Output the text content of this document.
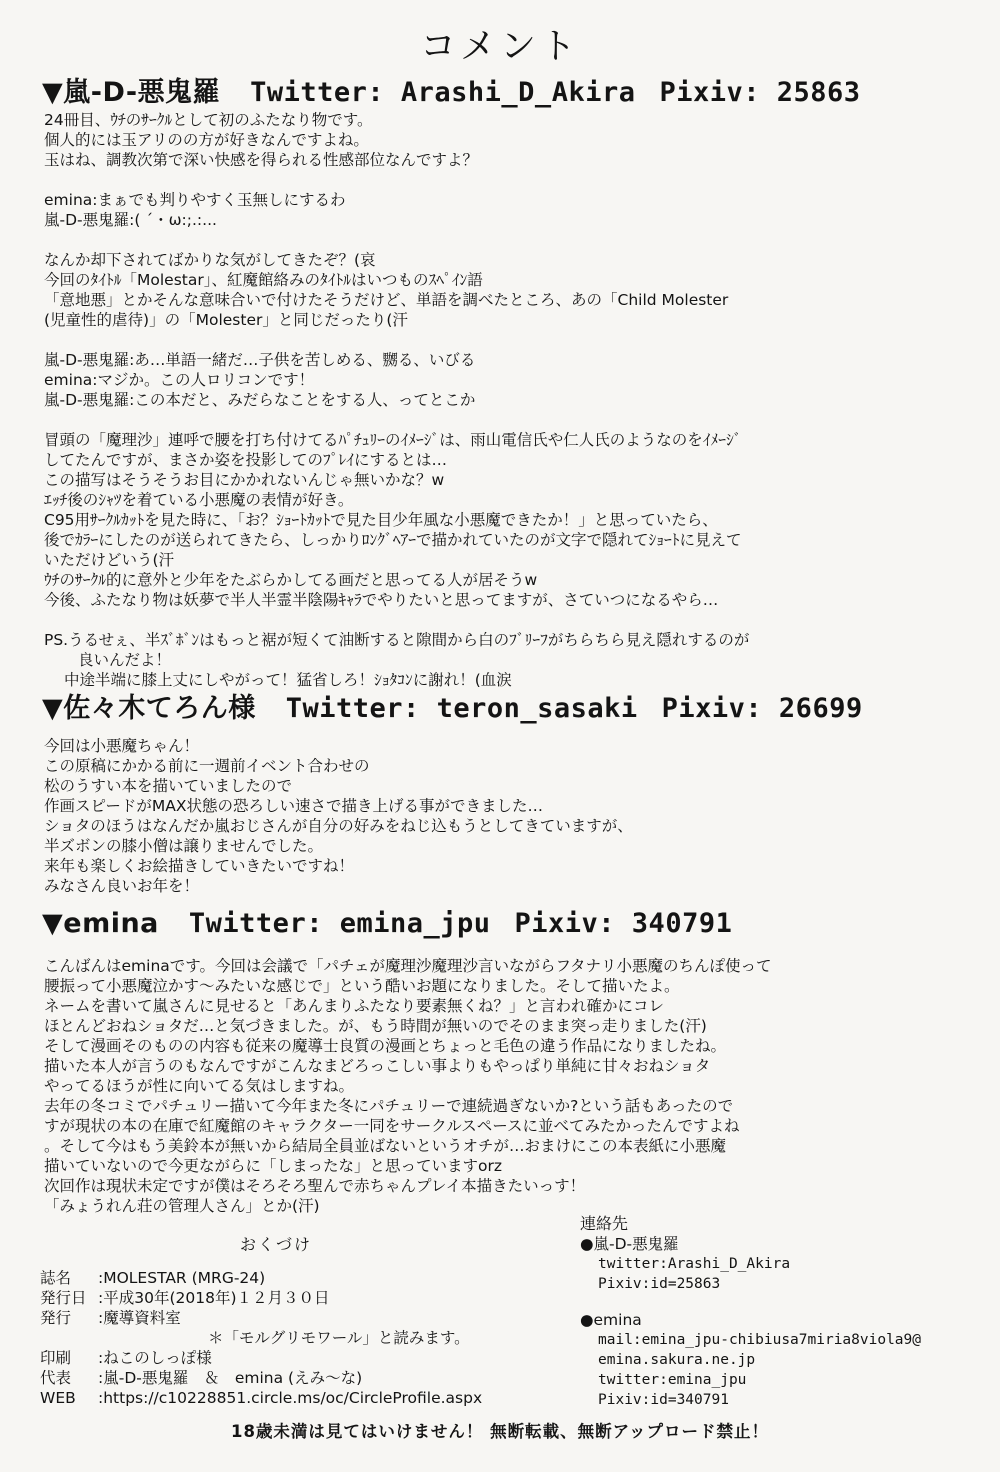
コメント
▼嵐-D-悪鬼羅 Twitter: Arashi_D_Akira Pixiv: 25863
24冊目、ｳﾁのｻｰｸﾙとして初のふたなり物です。
個人的には玉アリのの方が好きなんですよね。
玉はね、調教次第で深い快感を得られる性感部位なんですよ？
emina:まぁでも判りやすく玉無しにするわ
嵐-D-悪鬼羅:( ´・ω:;.:...
なんか却下されてばかりな気がしてきたぞ？(哀
今回のﾀｲﾄﾙ「Molestar」、紅魔館絡みのﾀｲﾄﾙはいつものｽﾍﾟｲﾝ語
「意地悪」とかそんな意味合いで付けたそうだけど、単語を調べたところ、あの「Child Molester
(児童性的虐待)」の「Molester」と同じだったり(汗
嵐-D-悪鬼羅:あ…単語一緒だ…子供を苦しめる、嬲る、いびる
emina:マジか。この人ロリコンです！
嵐-D-悪鬼羅:この本だと、みだらなことをする人、ってとこか
冒頭の「魔理沙」連呼で腰を打ち付けてるﾊﾟﾁｭﾘｰのｲﾒｰｼﾞは、雨山電信氏や仁人氏のようなのをｲﾒｰｼﾞ
してたんですが、まさか姿を投影してのﾌﾟﾚｲにするとは…
この描写はそうそうお目にかかれないんじゃ無いかな？w
ｴｯﾁ後のｼｬﾂを着ている小悪魔の表情が好き。
C95用ｻｰｸﾙｶｯﾄを見た時に、「お？ｼｮｰﾄｶｯﾄで見た目少年風な小悪魔できたか！」と思っていたら、
後でｶﾗｰにしたのが送られてきたら、しっかりﾛﾝｸﾞﾍｱｰで描かれていたのが文字で隠れてｼｮｰﾄに見えて
いただけどいう(汗
ｳﾁのｻｰｸﾙ的に意外と少年をたぶらかしてる画だと思ってる人が居そうw
今後、ふたなり物は妖夢で半人半霊半陰陽ｷｬﾗでやりたいと思ってますが、さていつになるやら…
PS.うるせぇ、半ｽﾞﾎﾞﾝはもっと裾が短くて油断すると隙間から白のﾌﾞﾘｰﾌがちらちら見え隠れするのが
良いんだよ！
中途半端に膝上丈にしやがって！猛省しろ！ｼｮﾀｺﾝに謝れ！(血涙
▼佐々木てろん様 Twitter: teron_sasaki Pixiv: 26699
今回は小悪魔ちゃん！
この原稿にかかる前に一週前イベント合わせの
松のうすい本を描いていましたので
作画スピードがMAX状態の恐ろしい速さで描き上げる事ができました…
ショタのほうはなんだか嵐おじさんが自分の好みをねじ込もうとしてきていますが、
半ズボンの膝小僧は譲りませんでした。
来年も楽しくお絵描きしていきたいですね！
みなさん良いお年を！
▼emina Twitter: emina_jpu Pixiv: 340791
こんばんはeminaです。今回は会議で「パチェが魔理沙魔理沙言いながらフタナリ小悪魔のちんぽ使って
腰振って小悪魔泣かす～みたいな感じで」という酷いお題になりました。そして描いたよ。
ネームを書いて嵐さんに見せると「あんまりふたなり要素無くね？」と言われ確かにコレ
ほとんどおねショタだ…と気づきました。が、もう時間が無いのでそのまま突っ走りました(汗)
そして漫画そのものの内容も従来の魔導士良質の漫画とちょっと毛色の違う作品になりましたね。
描いた本人が言うのもなんですがこんなまどろっこしい事よりもやっぱり単純に甘々おねショタ
やってるほうが性に向いてる気はしますね。
去年の冬コミでパチュリー描いて今年また冬にパチュリーで連続過ぎないか?という話もあったので
すが現状の本の在庫で紅魔館のキャラクター一同をサークルスペースに並べてみたかったんですよね
。そして今はもう美鈴本が無いから結局全員並ばないというオチが…おまけにこの本表紙に小悪魔
描いていないので今更ながらに「しまったな」と思っていますorz
次回作は現状未定ですが僕はそろそろ聖んで赤ちゃんプレイ本描きたいっす！
「みょうれん荘の管理人さん」とか(汗)
おくづけ
誌名	:MOLESTAR (MRG-24)
発行日 :平成30年(2018年)１２月３０日
発行	:魔導資料室
＊「モルグリモワール」と読みます。
印刷	:ねこのしっぽ様
代表	:嵐-D-悪鬼羅　＆　emina (えみ～な)
WEB	:https://c10228851.circle.ms/oc/CircleProfile.aspx
連絡先
●嵐-D-悪鬼羅
twitter:Arashi_D_Akira
Pixiv:id=25863
●emina
mail:emina_jpu-chibiusa7miria8viola9@
emina.sakura.ne.jp
twitter:emina_jpu
Pixiv:id=340791
18歳未満は見てはいけません！ 無断転載、無断アップロード禁止！
